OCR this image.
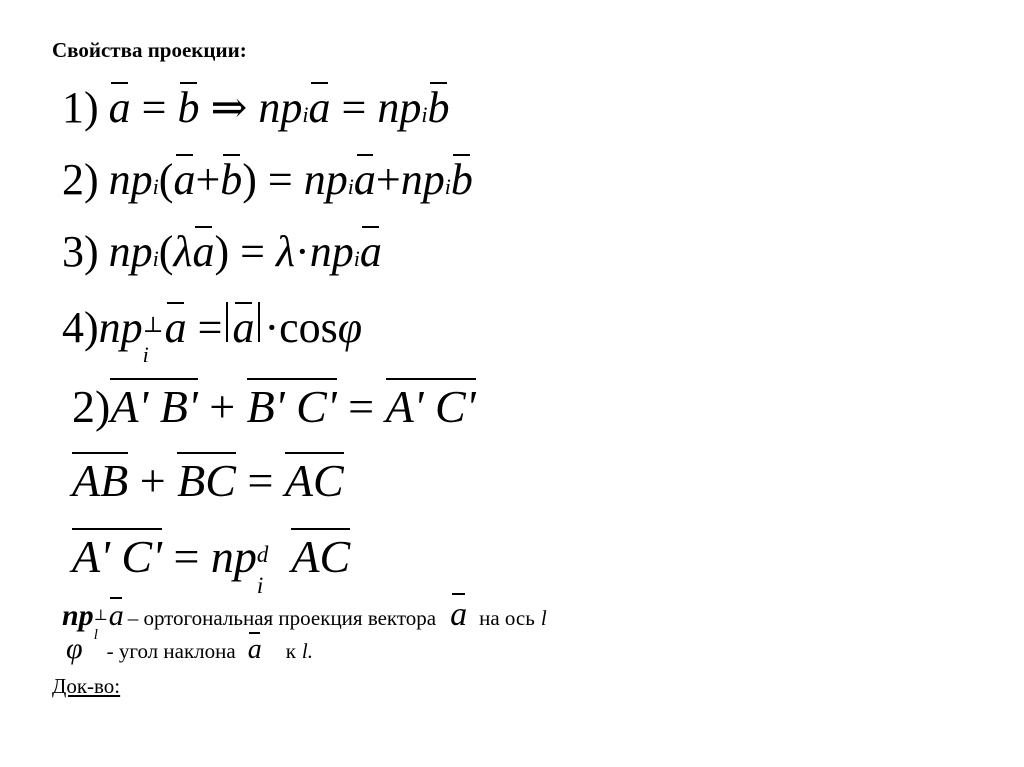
Свойства проекции:
1) a
=
b
⇒
np i a
=
np i b
2) np i ( a + b )
=
np i a + np i b
3) np i ( λ a )
=
λ · np i a
4) np ⊥
i
a
= a · cos φ
2) A' B'
+
B' C'
=
A' C'
AB
+
BC
=
AC
A' C'
=
np d
i

AC
np ⊥
l
a – ортогональная проекция вектора a на ось l
φ - угол наклона a к l.
Док-во:
